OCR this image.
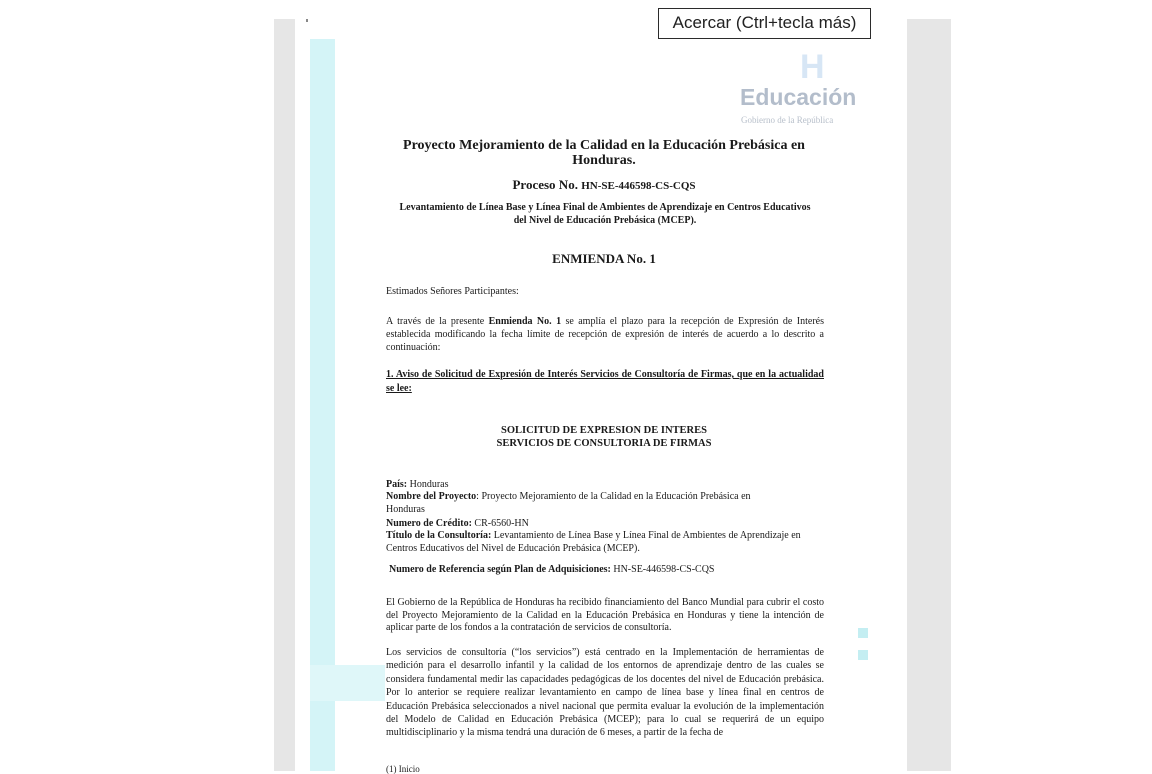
H
Educación
Gobierno de la República
Proyecto Mejoramiento de la Calidad en la Educación Prebásica en
Honduras.
Proceso No. HN-SE-446598-CS-CQS
Levantamiento de Línea Base y Línea Final de Ambientes de Aprendizaje en Centros Educativos
del Nivel de Educación Prebásica (MCEP).
ENMIENDA No. 1
Estimados Señores Participantes:
A través de la presente Enmienda No. 1 se amplía el plazo para la recepción de Expresión de Interés establecida modificando la fecha límite de recepción de expresión de interés de acuerdo a lo descrito a continuación:
1. Aviso de Solicitud de Expresión de Interés Servicios de Consultoría de Firmas, que en la actualidad se lee:
SOLICITUD DE EXPRESION DE INTERES
SERVICIOS DE CONSULTORIA DE FIRMAS
País: Honduras
Nombre del Proyecto: Proyecto Mejoramiento de la Calidad en la Educación Prebásica en Honduras
Numero de Crédito: CR-6560-HN
Título de la Consultoría: Levantamiento de Línea Base y Línea Final de Ambientes de Aprendizaje en Centros Educativos del Nivel de Educación Prebásica (MCEP).
Numero de Referencia según Plan de Adquisiciones: HN-SE-446598-CS-CQS
El Gobierno de la República de Honduras ha recibido financiamiento del Banco Mundial para cubrir el costo del Proyecto Mejoramiento de la Calidad en la Educación Prebásica en Honduras y tiene la intención de aplicar parte de los fondos a la contratación de servicios de consultoría.
Los servicios de consultoría (“los servicios”) está centrado en la Implementación de herramientas de medición para el desarrollo infantil y la calidad de los entornos de aprendizaje dentro de las cuales se considera fundamental medir las capacidades pedagógicas de los docentes del nivel de Educación prebásica. Por lo anterior se requiere realizar levantamiento en campo de línea base y línea final en centros de Educación Prebásica seleccionados a nivel nacional que permita evaluar la evolución de la implementación del Modelo de Calidad en Educación Prebásica (MCEP); para lo cual se requerirá de un equipo multidisciplinario y la misma tendrá una duración de 6 meses, a partir de la fecha de
(1) Inicio
Acercar (Ctrl+tecla más)
